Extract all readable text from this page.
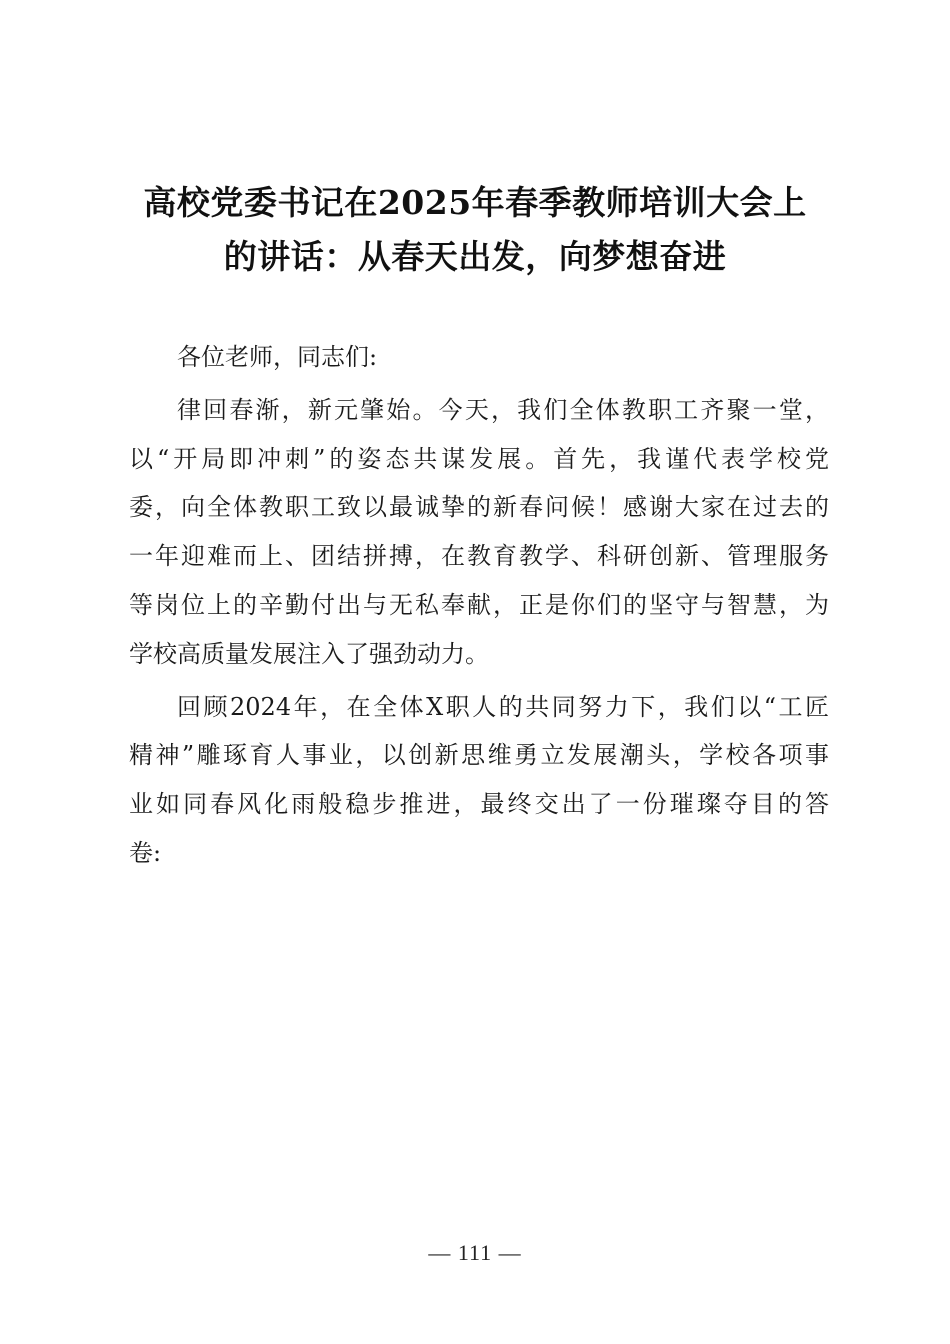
高校党委书记在2025年春季教师培训大会上
的讲话：从春天出发，向梦想奋进

各位老师，同志们:

律回春渐，新元肇始。今天，我们全体教职工齐聚一堂，
以“开局即冲刺”的姿态共谋发展。首先，我谨代表学校党
委，向全体教职工致以最诚挚的新春问候！感谢大家在过去的
一年迎难而上、团结拼搏，在教育教学、科研创新、管理服务
等岗位上的辛勤付出与无私奉献，正是你们的坚守与智慧，为
学校高质量发展注入了强劲动力。

回顾2024年，在全体X职人的共同努力下，我们以“工匠
精神”雕琢育人事业，以创新思维勇立发展潮头，学校各项事
业如同春风化雨般稳步推进，最终交出了一份璀璨夺目的答
卷:

— 111 —
